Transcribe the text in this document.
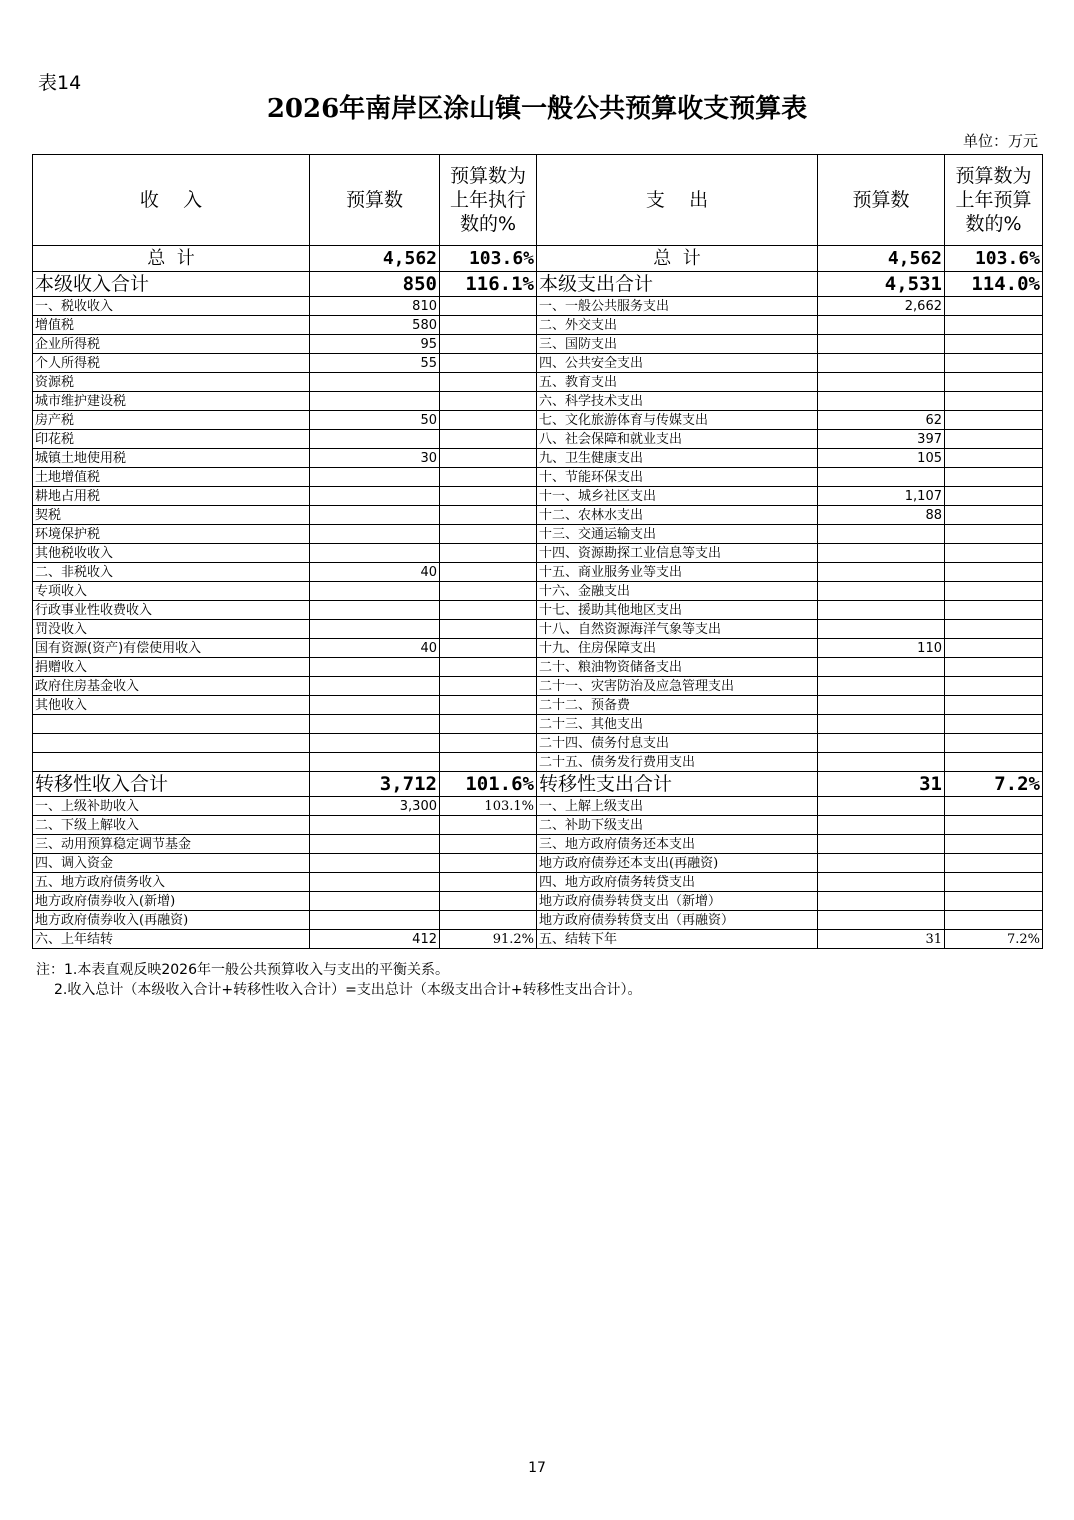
表14
2026年南岸区涂山镇一般公共预算收支预算表
单位：万元
收    入	预算数	预算数为上年执行数的%	支    出	预算数	预算数为上年预算数的%
总  计	4,562	103.6%	总  计	4,562	103.6%
本级收入合计	850	116.1%	本级支出合计	4,531	114.0%
一、税收收入	810		一、一般公共服务支出	2,662	
增值税	580		二、外交支出		
企业所得税	95		三、国防支出		
个人所得税	55		四、公共安全支出		
资源税			五、教育支出		
城市维护建设税			六、科学技术支出		
房产税	50		七、文化旅游体育与传媒支出	62	
印花税			八、社会保障和就业支出	397	
城镇土地使用税	30		九、卫生健康支出	105	
土地增值税			十、节能环保支出		
耕地占用税			十一、城乡社区支出	1,107	
契税			十二、农林水支出	88	
环境保护税			十三、交通运输支出		
其他税收收入			十四、资源勘探工业信息等支出		
二、非税收入	40		十五、商业服务业等支出		
专项收入			十六、金融支出		
行政事业性收费收入			十七、援助其他地区支出		
罚没收入			十八、自然资源海洋气象等支出		
国有资源(资产)有偿使用收入	40		十九、住房保障支出	110	
捐赠收入			二十、粮油物资储备支出		
政府住房基金收入			二十一、灾害防治及应急管理支出		
其他收入			二十二、预备费		
			二十三、其他支出		
			二十四、债务付息支出		
			二十五、债务发行费用支出		
转移性收入合计	3,712	101.6%	转移性支出合计	31	7.2%
一、上级补助收入	3,300	103.1%	一、上解上级支出		
二、下级上解收入			二、补助下级支出		
三、动用预算稳定调节基金			三、地方政府债务还本支出		
四、调入资金			地方政府债券还本支出(再融资)		
五、地方政府债务收入			四、地方政府债务转贷支出		
地方政府债券收入(新增)			地方政府债券转贷支出（新增）		
地方政府债券收入(再融资)			地方政府债券转贷支出（再融资）		
六、上年结转	412	91.2%	五、结转下年	31	7.2%
注：1.本表直观反映2026年一般公共预算收入与支出的平衡关系。
2.收入总计（本级收入合计+转移性收入合计）=支出总计（本级支出合计+转移性支出合计）。
17
